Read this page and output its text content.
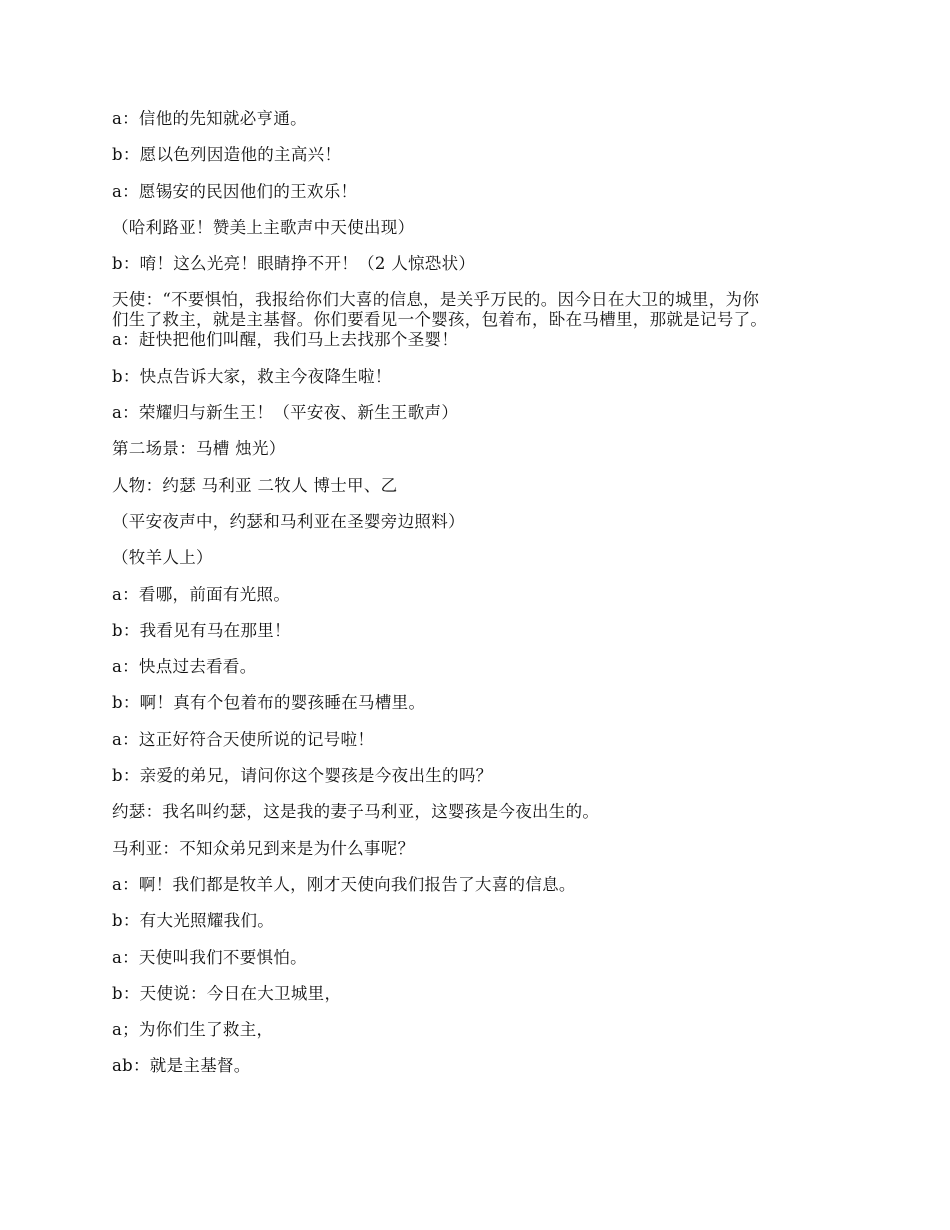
a：信他的先知就必亨通。

b：愿以色列因造他的主高兴！

a：愿锡安的民因他们的王欢乐！

（哈利路亚！赞美上主歌声中天使出现）

b：唷！这么光亮！眼睛挣不开！（2 人惊恐状）

天使：“不要惧怕，我报给你们大喜的信息，是关乎万民的。因今日在大卫的城里，为你
们生了救主，就是主基督。你们要看见一个婴孩，包着布，卧在马槽里，那就是记号了。
a：赶快把他们叫醒，我们马上去找那个圣婴！

b：快点告诉大家，救主今夜降生啦！

a：荣耀归与新生王！（平安夜、新生王歌声）

第二场景：马槽 烛光）

人物：约瑟 马利亚 二牧人 博士甲、乙

（平安夜声中，约瑟和马利亚在圣婴旁边照料）

（牧羊人上）

a：看哪，前面有光照。

b：我看见有马在那里！

a：快点过去看看。

b：啊！真有个包着布的婴孩睡在马槽里。

a：这正好符合天使所说的记号啦！

b：亲爱的弟兄，请问你这个婴孩是今夜出生的吗？

约瑟：我名叫约瑟，这是我的妻子马利亚，这婴孩是今夜出生的。

马利亚：不知众弟兄到来是为什么事呢？

a：啊！我们都是牧羊人，刚才天使向我们报告了大喜的信息。

b：有大光照耀我们。

a：天使叫我们不要惧怕。

b：天使说：今日在大卫城里，

a；为你们生了救主，

ab：就是主基督。
